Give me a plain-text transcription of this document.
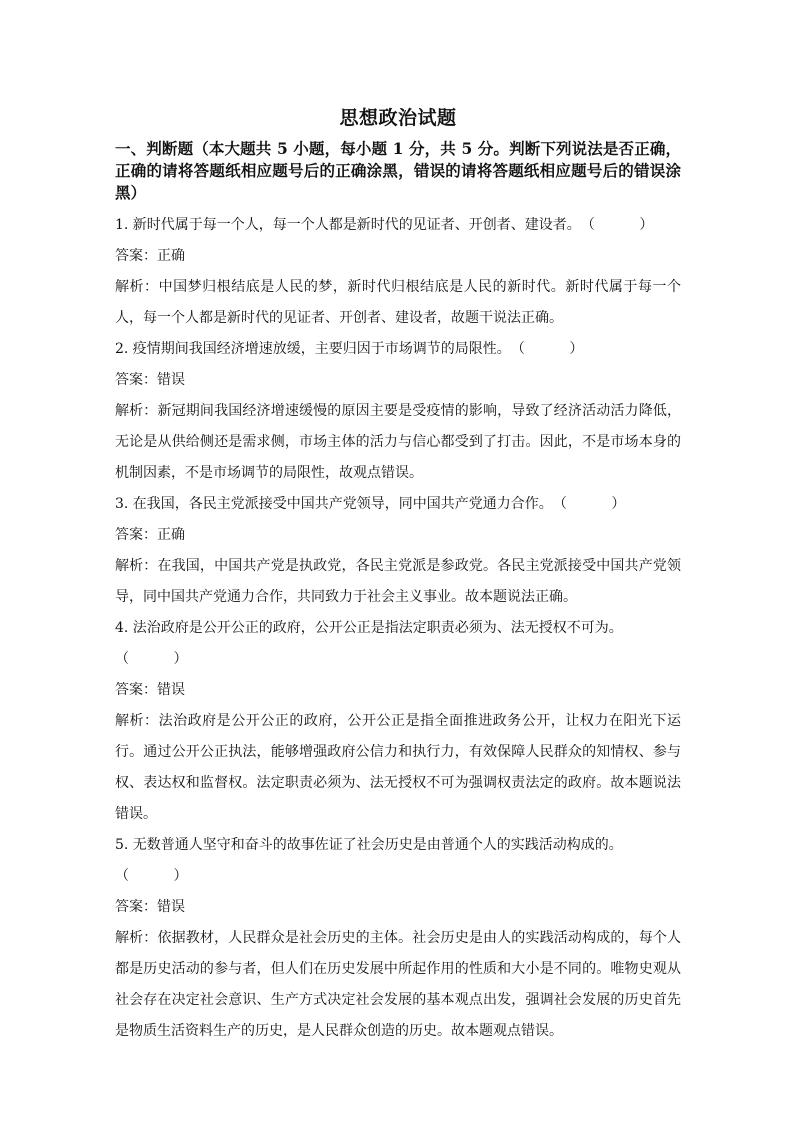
思想政治试题
一、判断题（本大题共 5 小题，每小题 1 分，共 5 分。判断下列说法是否正确，正确的请将答题纸相应题号后的正确涂黑，错误的请将答题纸相应题号后的错误涂黑）

1. 新时代属于每一个人，每一个人都是新时代的见证者、开创者、建设者。（          ）

答案：正确

解析：中国梦归根结底是人民的梦，新时代归根结底是人民的新时代。新时代属于每一个人，每一个人都是新时代的见证者、开创者、建设者，故题干说法正确。

2. 疫情期间我国经济增速放缓，主要归因于市场调节的局限性。（          ）

答案：错误

解析：新冠期间我国经济增速缓慢的原因主要是受疫情的影响，导致了经济活动活力降低，无论是从供给侧还是需求侧，市场主体的活力与信心都受到了打击。因此，不是市场本身的机制因素，不是市场调节的局限性，故观点错误。

3. 在我国，各民主党派接受中国共产党领导，同中国共产党通力合作。（          ）

答案：正确

解析：在我国，中国共产党是执政党，各民主党派是参政党。各民主党派接受中国共产党领导，同中国共产党通力合作，共同致力于社会主义事业。故本题说法正确。

4. 法治政府是公开公正的政府，公开公正是指法定职责必须为、法无授权不可为。

（          ）

答案：错误

解析：法治政府是公开公正的政府，公开公正是指全面推进政务公开，让权力在阳光下运行。通过公开公正执法，能够增强政府公信力和执行力，有效保障人民群众的知情权、参与权、表达权和监督权。法定职责必须为、法无授权不可为强调权责法定的政府。故本题说法错误。

5. 无数普通人坚守和奋斗的故事佐证了社会历史是由普通个人的实践活动构成的。

（          ）

答案：错误

解析：依据教材，人民群众是社会历史的主体。社会历史是由人的实践活动构成的，每个人都是历史活动的参与者，但人们在历史发展中所起作用的性质和大小是不同的。唯物史观从社会存在决定社会意识、生产方式决定社会发展的基本观点出发，强调社会发展的历史首先是物质生活资料生产的历史，是人民群众创造的历史。故本题观点错误。
